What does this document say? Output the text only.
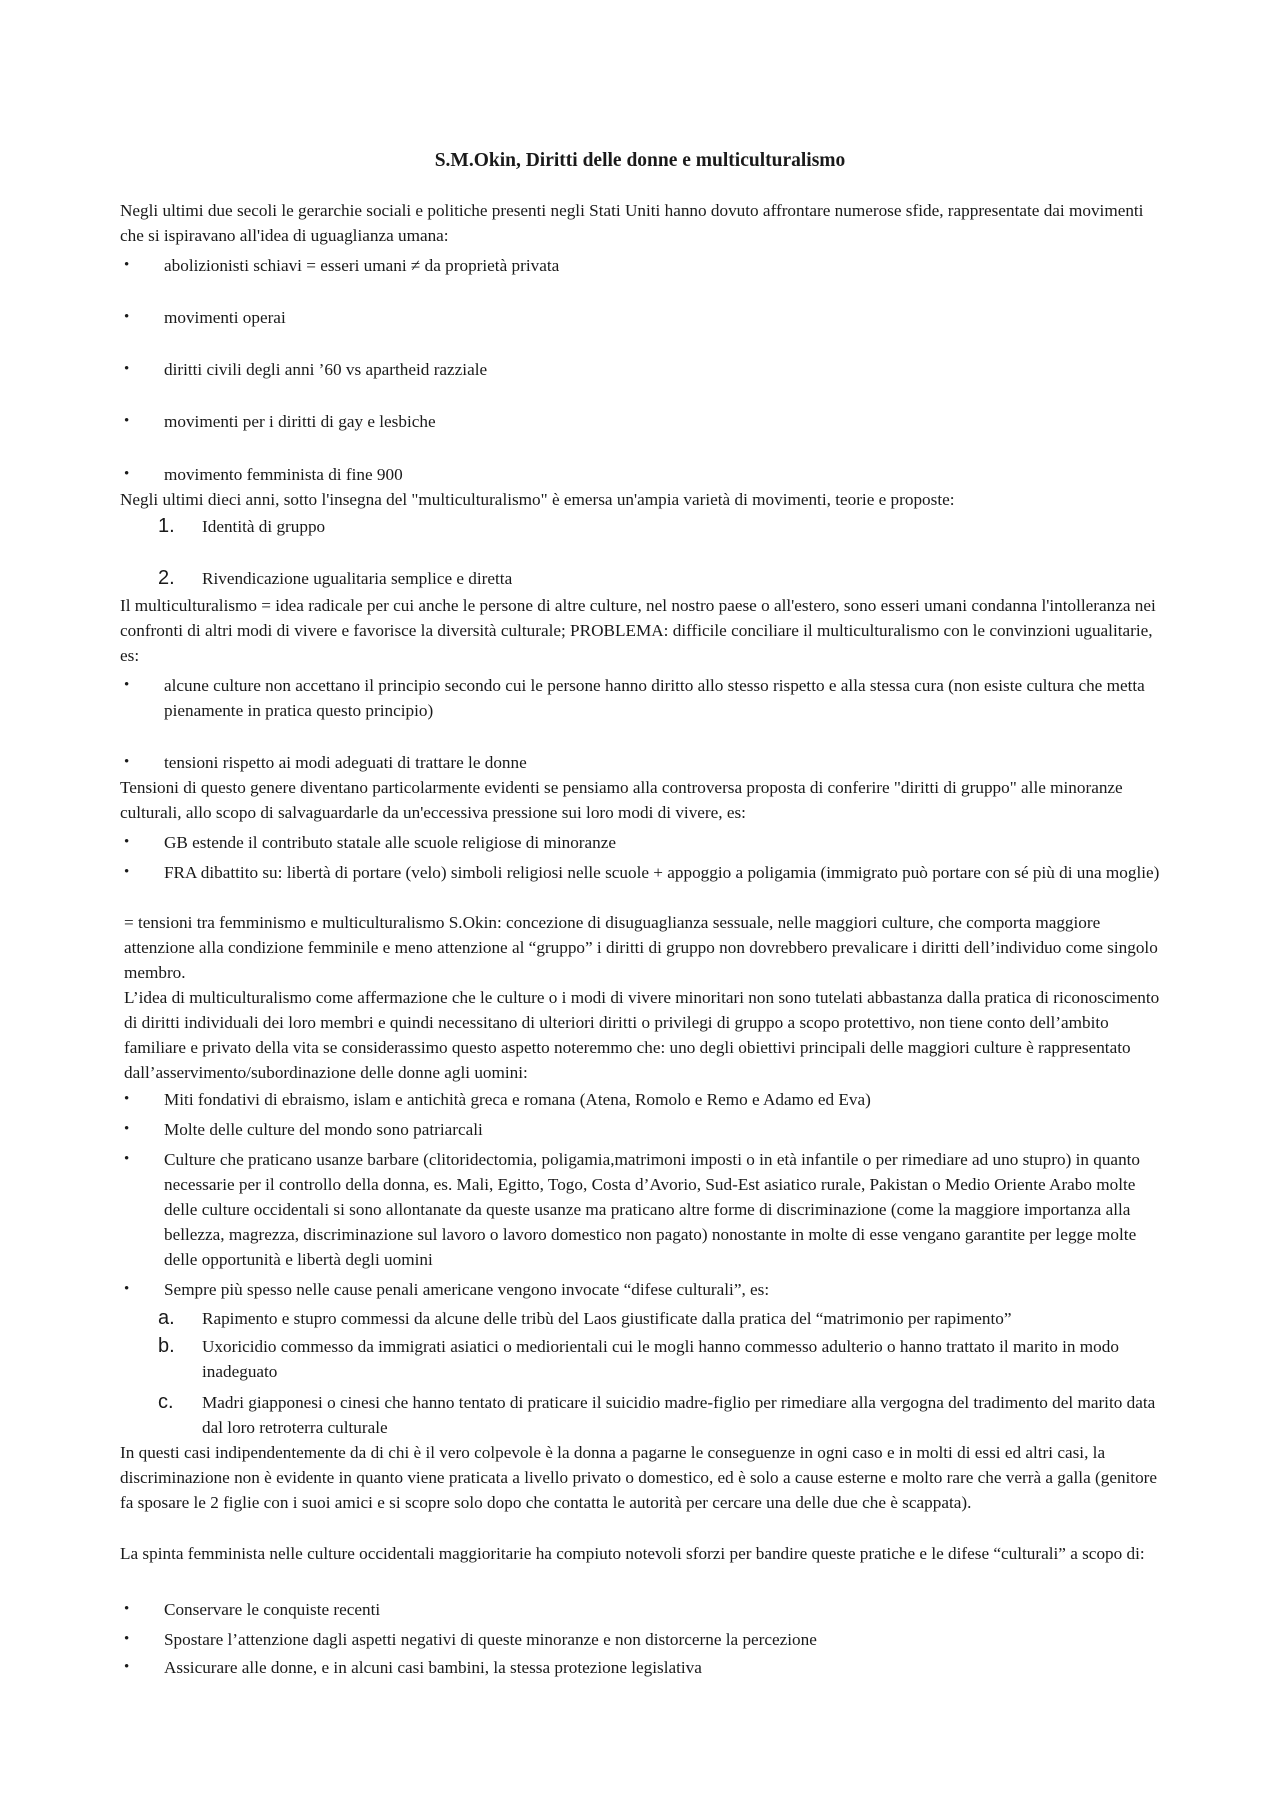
S.M.Okin, Diritti delle donne e multiculturalismo

Negli ultimi due secoli le gerarchie sociali e politiche presenti negli Stati Uniti hanno dovuto affrontare numerose sfide, rappresentate dai movimenti che si ispiravano all'idea di uguaglianza umana:

• abolizionisti schiavi = esseri umani ≠ da proprietà privata
• movimenti operai
• diritti civili degli anni ’60 vs apartheid razziale
• movimenti per i diritti di gay e lesbiche
• movimento femminista di fine 900

Negli ultimi dieci anni, sotto l'insegna del "multiculturalismo" è emersa un'ampia varietà di movimenti, teorie e proposte:

1. Identità di gruppo
2. Rivendicazione ugualitaria semplice e diretta

Il multiculturalismo = idea radicale per cui anche le persone di altre culture, nel nostro paese o all'estero, sono esseri umani condanna l'intolleranza nei confronti di altri modi di vivere e favorisce la diversità culturale; PROBLEMA: difficile conciliare il multiculturalismo con le convinzioni ugualitarie, es:

• alcune culture non accettano il principio secondo cui le persone hanno diritto allo stesso rispetto e alla stessa cura (non esiste cultura che metta pienamente in pratica questo principio)
• tensioni rispetto ai modi adeguati di trattare le donne

Tensioni di questo genere diventano particolarmente evidenti se pensiamo alla controversa proposta di conferire "diritti di gruppo" alle minoranze culturali, allo scopo di salvaguardarle da un'eccessiva pressione sui loro modi di vivere, es:

• GB estende il contributo statale alle scuole religiose di minoranze
• FRA dibattito su: libertà di portare (velo) simboli religiosi nelle scuole + appoggio a poligamia (immigrato può portare con sé più di una moglie)

= tensioni tra femminismo e multiculturalismo S.Okin: concezione di disuguaglianza sessuale, nelle maggiori culture, che comporta maggiore attenzione alla condizione femminile e meno attenzione al “gruppo” i diritti di gruppo non dovrebbero prevalicare i diritti dell’individuo come singolo membro.

L’idea di multiculturalismo come affermazione che le culture o i modi di vivere minoritari non sono tutelati abbastanza dalla pratica di riconoscimento di diritti individuali dei loro membri e quindi necessitano di ulteriori diritti o privilegi di gruppo a scopo protettivo, non tiene conto dell’ambito familiare e privato della vita se considerassimo questo aspetto noteremmo che: uno degli obiettivi principali delle maggiori culture è rappresentato dall’asservimento/subordinazione delle donne agli uomini:

• Miti fondativi di ebraismo, islam e antichità greca e romana (Atena, Romolo e Remo e Adamo ed Eva)
• Molte delle culture del mondo sono patriarcali
• Culture che praticano usanze barbare (clitoridectomia, poligamia,matrimoni imposti o in età infantile o per rimediare ad uno stupro) in quanto necessarie per il controllo della donna, es. Mali, Egitto, Togo, Costa d’Avorio, Sud-Est asiatico rurale, Pakistan o Medio Oriente Arabo molte delle culture occidentali si sono allontanate da queste usanze ma praticano altre forme di discriminazione (come la maggiore importanza alla bellezza, magrezza, discriminazione sul lavoro o lavoro domestico non pagato) nonostante in molte di esse vengano garantite per legge molte delle opportunità e libertà degli uomini
• Sempre più spesso nelle cause penali americane vengono invocate “difese culturali”, es:
a. Rapimento e stupro commessi da alcune delle tribù del Laos giustificate dalla pratica del “matrimonio per rapimento”
b. Uxoricidio commesso da immigrati asiatici o mediorientali cui le mogli hanno commesso adulterio o hanno trattato il marito in modo inadeguato
c. Madri giapponesi o cinesi che hanno tentato di praticare il suicidio madre-figlio per rimediare alla vergogna del tradimento del marito data dal loro retroterra culturale

In questi casi indipendentemente da di chi è il vero colpevole è la donna a pagarne le conseguenze in ogni caso e in molti di essi ed altri casi, la discriminazione non è evidente in quanto viene praticata a livello privato o domestico, ed è solo a cause esterne e molto rare che verrà a galla (genitore fa sposare le 2 figlie con i suoi amici e si scopre solo dopo che contatta le autorità per cercare una delle due che è scappata).

La spinta femminista nelle culture occidentali maggioritarie ha compiuto notevoli sforzi per bandire queste pratiche e le difese “culturali” a scopo di:

• Conservare le conquiste recenti
• Spostare l’attenzione dagli aspetti negativi di queste minoranze e non distorcerne la percezione
• Assicurare alle donne, e in alcuni casi bambini, la stessa protezione legislativa
